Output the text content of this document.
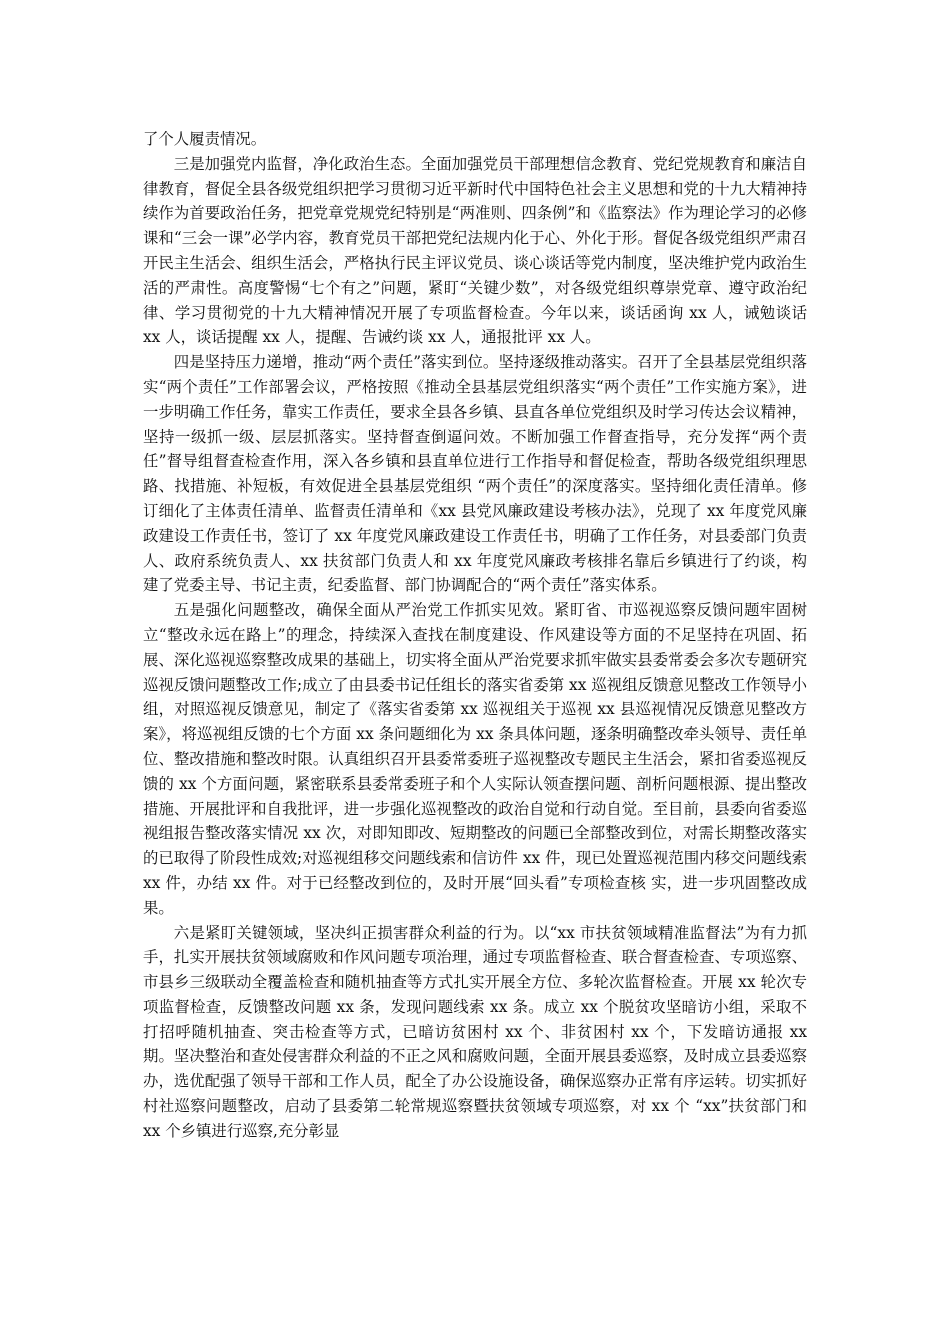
了个人履责情况。

三是加强党内监督，净化政治生态。全面加强党员干部理想信念教育、党纪党规教育和廉洁自律教育，督促全县各级党组织把学习贯彻习近平新时代中国特色社会主义思想和党的十九大精神持续作为首要政治任务，把党章党规党纪特别是“两准则、四条例”和《监察法》作为理论学习的必修课和“三会一课”必学内容，教育党员干部把党纪法规内化于心、外化于形。督促各级党组织严肃召开民主生活会、组织生活会，严格执行民主评议党员、谈心谈话等党内制度，坚决维护党内政治生活的严肃性。高度警惕“七个有之”问题，紧盯“关键少数”，对各级党组织尊崇党章、遵守政治纪律、学习贯彻党的十九大精神情况开展了专项监督检查。今年以来，谈话函询 xx 人，诫勉谈话 xx 人，谈话提醒 xx 人，提醒、告诫约谈 xx 人，通报批评 xx 人。

四是坚持压力递增，推动“两个责任”落实到位。坚持逐级推动落实。召开了全县基层党组织落实“两个责任”工作部署会议，严格按照《推动全县基层党组织落实“两个责任”工作实施方案》，进一步明确工作任务，靠实工作责任，要求全县各乡镇、县直各单位党组织及时学习传达会议精神，坚持一级抓一级、层层抓落实。坚持督查倒逼问效。不断加强工作督查指导，充分发挥“两个责任”督导组督查检查作用，深入各乡镇和县直单位进行工作指导和督促检查，帮助各级党组织理思路、找措施、补短板，有效促进全县基层党组织 “两个责任”的深度落实。坚持细化责任清单。修订细化了主体责任清单、监督责任清单和《xx 县党风廉政建设考核办法》，兑现了 xx 年度党风廉政建设工作责任书，签订了 xx 年度党风廉政建设工作责任书，明确了工作任务，对县委部门负责人、政府系统负责人、xx 扶贫部门负责人和 xx 年度党风廉政考核排名靠后乡镇进行了约谈，构建了党委主导、书记主责，纪委监督、部门协调配合的“两个责任”落实体系。

五是强化问题整改，确保全面从严治党工作抓实见效。紧盯省、市巡视巡察反馈问题牢固树立“整改永远在路上”的理念，持续深入查找在制度建设、作风建设等方面的不足坚持在巩固、拓展、深化巡视巡察整改成果的基础上，切实将全面从严治党要求抓牢做实县委常委会多次专题研究巡视反馈问题整改工作;成立了由县委书记任组长的落实省委第 xx 巡视组反馈意见整改工作领导小组，对照巡视反馈意见，制定了《落实省委第 xx 巡视组关于巡视 xx 县巡视情况反馈意见整改方案》，将巡视组反馈的七个方面 xx 条问题细化为 xx 条具体问题，逐条明确整改牵头领导、责任单位、整改措施和整改时限。认真组织召开县委常委班子巡视整改专题民主生活会，紧扣省委巡视反馈的 xx 个方面问题，紧密联系县委常委班子和个人实际认领查摆问题、剖析问题根源、提出整改措施、开展批评和自我批评，进一步强化巡视整改的政治自觉和行动自觉。至目前，县委向省委巡视组报告整改落实情况 xx 次，对即知即改、短期整改的问题已全部整改到位，对需长期整改落实的已取得了阶段性成效;对巡视组移交问题线索和信访件 xx 件，现已处置巡视范围内移交问题线索 xx 件，办结 xx 件。对于已经整改到位的，及时开展“回头看”专项检查核 实，进一步巩固整改成果。

六是紧盯关键领域，坚决纠正损害群众利益的行为。以“xx 市扶贫领域精准监督法”为有力抓手，扎实开展扶贫领域腐败和作风问题专项治理，通过专项监督检查、联合督查检查、专项巡察、市县乡三级联动全覆盖检查和随机抽查等方式扎实开展全方位、多轮次监督检查。开展 xx 轮次专项监督检查，反馈整改问题 xx 条，发现问题线索 xx 条。成立 xx 个脱贫攻坚暗访小组，采取不打招呼随机抽查、突击检查等方式，已暗访贫困村 xx 个、非贫困村 xx 个，下发暗访通报 xx 期。坚决整治和查处侵害群众利益的不正之风和腐败问题，全面开展县委巡察，及时成立县委巡察办，选优配强了领导干部和工作人员，配全了办公设施设备，确保巡察办正常有序运转。切实抓好村社巡察问题整改，启动了县委第二轮常规巡察暨扶贫领域专项巡察，对 xx 个 “xx”扶贫部门和 xx 个乡镇进行巡察,充分彰显
